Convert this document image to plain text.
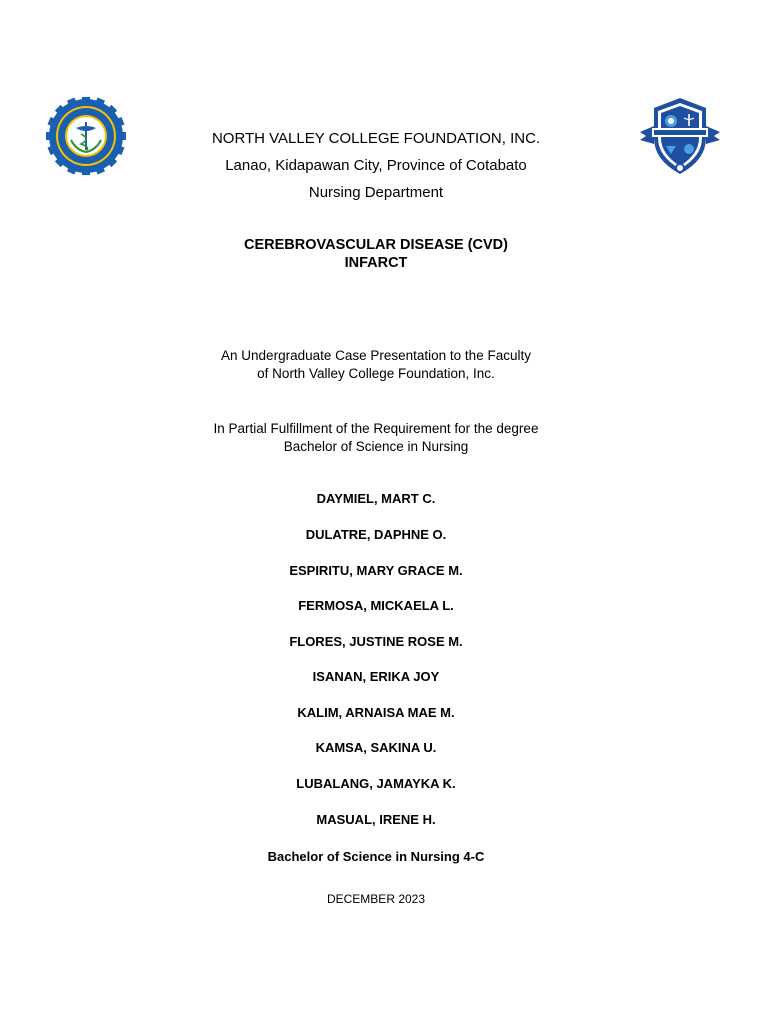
NORTH VALLEY COLLEGE FOUNDATION, INC.
Lanao, Kidapawan City, Province of Cotabato
Nursing Department
CEREBROVASCULAR DISEASE (CVD)
INFARCT
An Undergraduate Case Presentation to the Faculty
of North Valley College Foundation, Inc.
In Partial Fulfillment of the Requirement for the degree
Bachelor of Science in Nursing
DAYMIEL, MART C.
DULATRE, DAPHNE O.
ESPIRITU, MARY GRACE M.
FERMOSA, MICKAELA L.
FLORES, JUSTINE ROSE M.
ISANAN, ERIKA JOY
KALIM, ARNAISA MAE M.
KAMSA, SAKINA U.
LUBALANG, JAMAYKA K.
MASUAL, IRENE H.
Bachelor of Science in Nursing 4-C
DECEMBER 2023
